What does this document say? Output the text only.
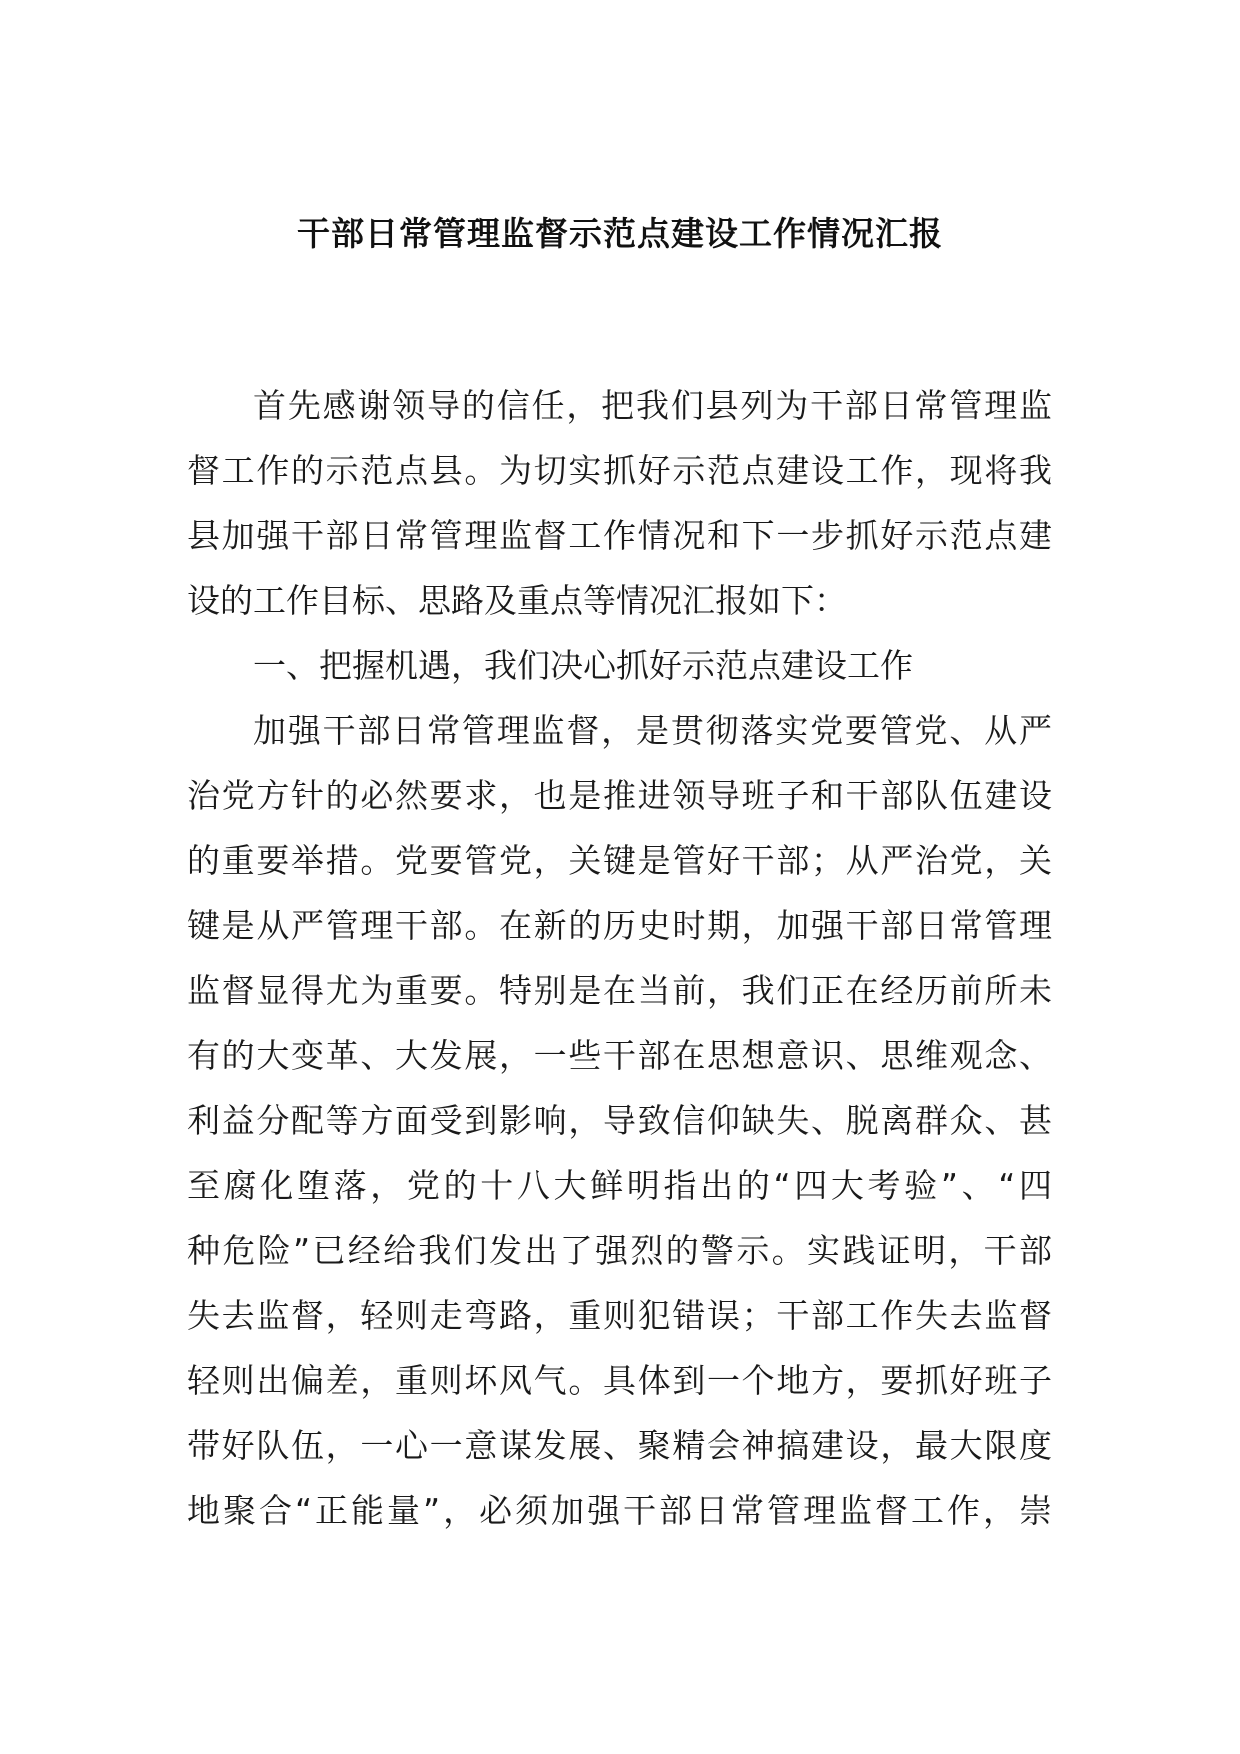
干部日常管理监督示范点建设工作情况汇报
首先感谢领导的信任，把我们县列为干部日常管理监
督工作的示范点县。为切实抓好示范点建设工作，现将我
县加强干部日常管理监督工作情况和下一步抓好示范点建
设的工作目标、思路及重点等情况汇报如下：
一、把握机遇，我们决心抓好示范点建设工作
加强干部日常管理监督，是贯彻落实党要管党、从严
治党方针的必然要求，也是推进领导班子和干部队伍建设
的重要举措。党要管党，关键是管好干部；从严治党，关
键是从严管理干部。在新的历史时期，加强干部日常管理
监督显得尤为重要。特别是在当前，我们正在经历前所未
有的大变革、大发展，一些干部在思想意识、思维观念、
利益分配等方面受到影响，导致信仰缺失、脱离群众、甚
至腐化堕落，党的十八大鲜明指出的“四大考验”、“四
种危险”已经给我们发出了强烈的警示。实践证明，干部
失去监督，轻则走弯路，重则犯错误；干部工作失去监督
轻则出偏差，重则坏风气。具体到一个地方，要抓好班子
带好队伍，一心一意谋发展、聚精会神搞建设，最大限度
地聚合“正能量”，必须加强干部日常管理监督工作，崇
